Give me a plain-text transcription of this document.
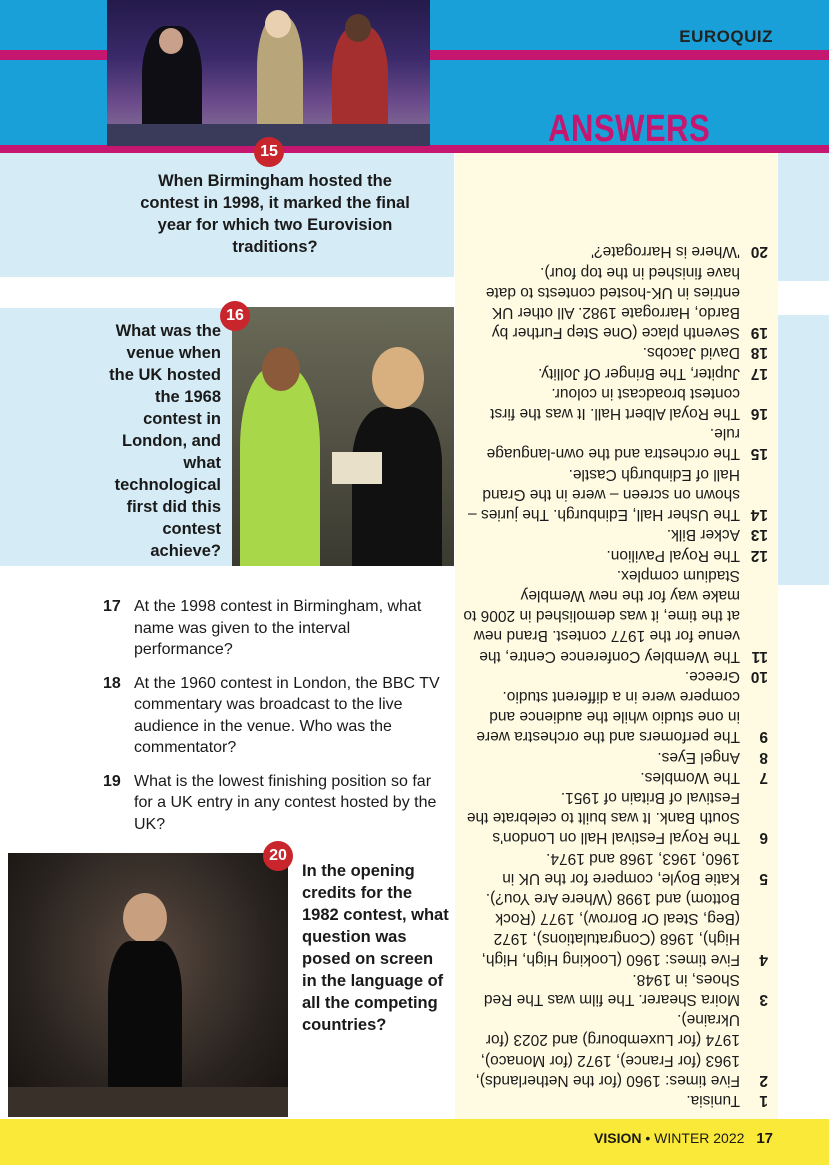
EUROQUIZ
15
When Birmingham hosted the contest in 1998, it marked the final year for which two Eurovision traditions?
16
What was the venue when the UK hosted the 1968 contest in London, and what technological first did this contest achieve?
17 At the 1998 contest in Birmingham, what name was given to the interval performance?
18 At the 1960 contest in London, the BBC TV commentary was broadcast to the live audience in the venue. Who was the commentator?
19 What is the lowest finishing position so far for a UK entry in any contest hosted by the UK?
20
In the opening credits for the 1982 contest, what question was posed on screen in the language of all the competing countries?
ANSWERS
1
Tunisia.
2
Five times: 1960 (for the Netherlands), 1963 (for France), 1972 (for Monaco), 1974 (for Luxembourg) and 2023 (for Ukraine).
3
Moira Shearer. The film was The Red Shoes, in 1948.
4
Five times: 1960 (Looking High, High, High), 1968 (Congratulations), 1972 (Beg, Steal Or Borrow), 1977 (Rock Bottom) and 1998 (Where Are You?).
5
Katie Boyle, compere for the UK in 1960, 1963, 1968 and 1974.
6
The Royal Festival Hall on London's South Bank. It was built to celebrate the Festival of Britain of 1951.
7
The Wombles.
8
Angel Eyes.
9
The perfomers and the orchestra were in one studio while the audience and compere were in a different studio.
10
Greece.
11
The Wembley Conference Centre, the venue for the 1977 contest. Brand new at the time, it was demolished in 2006 to make way for the new Wembley Stadium complex.
12
The Royal Pavilion.
13
Acker Bilk.
14
The Usher Hall, Edinburgh. The juries – shown on screen – were in the Grand Hall of Edinburgh Castle.
15
The orchestra and the own-language rule.
16
The Royal Albert Hall. It was the first contest broadcast in colour.
17
Jupiter, The Bringer Of Jollity.
18
David Jacobs.
19
Seventh place (One Step Further by Bardo, Harrogate 1982. All other UK entries in UK-hosted contests to date have finished in the top four).
20
'Where is Harrogate?'
VISION • WINTER 2022 17
